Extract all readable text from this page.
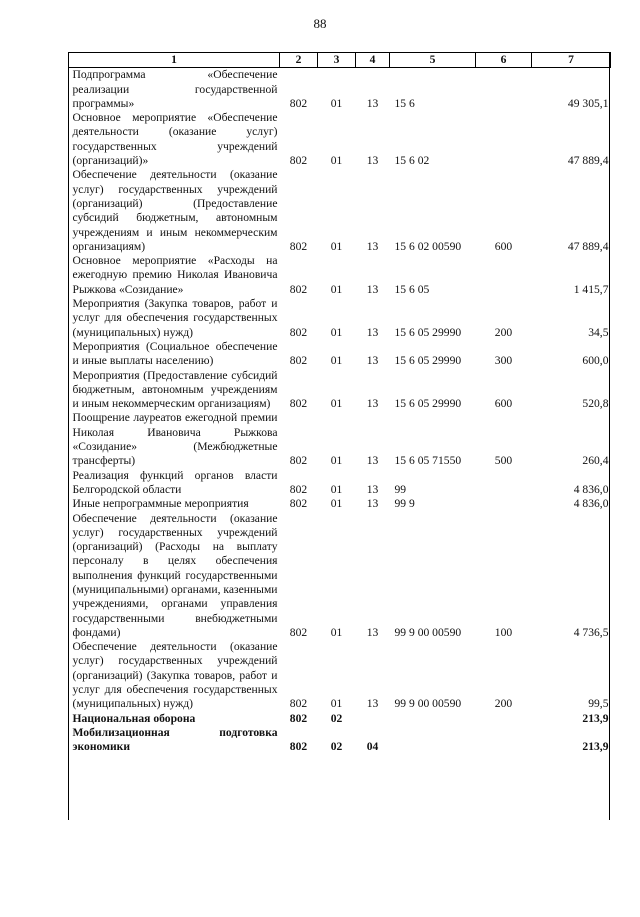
88
1	2	3	4	5	6	7
Подпрограмма «Обеспечение реализации государственной программы»	802	01	13	15 6		49 305,1
Основное мероприятие «Обеспечение деятельности (оказание услуг) государственных учреждений (организаций)»	802	01	13	15 6 02		47 889,4
Обеспечение деятельности (оказание услуг) государственных учреждений (организаций) (Предоставление субсидий бюджетным, автономным учреждениям и иным некоммерческим организациям)	802	01	13	15 6 02 00590	600	47 889,4
Основное мероприятие «Расходы на ежегодную премию Николая Ивановича Рыжкова «Созидание»	802	01	13	15 6 05		1 415,7
Мероприятия (Закупка товаров, работ и услуг для обеспечения государственных (муниципальных) нужд)	802	01	13	15 6 05 29990	200	34,5
Мероприятия (Социальное обеспечение и иные выплаты населению)	802	01	13	15 6 05 29990	300	600,0
Мероприятия (Предоставление субсидий бюджетным, автономным учреждениям и иным некоммерческим организациям)	802	01	13	15 6 05 29990	600	520,8
Поощрение лауреатов ежегодной премии Николая Ивановича Рыжкова «Созидание» (Межбюджетные трансферты)	802	01	13	15 6 05 71550	500	260,4
Реализация функций органов власти Белгородской области	802	01	13	99		4 836,0
Иные непрограммные мероприятия	802	01	13	99 9		4 836,0
Обеспечение деятельности (оказание услуг) государственных учреждений (организаций) (Расходы на выплату персоналу в целях обеспечения выполнения функций государственными (муниципальными) органами, казенными учреждениями, органами управления государственными внебюджетными фондами)	802	01	13	99 9 00 00590	100	4 736,5
Обеспечение деятельности (оказание услуг) государственных учреждений (организаций) (Закупка товаров, работ и услуг для обеспечения государственных (муниципальных) нужд)	802	01	13	99 9 00 00590	200	99,5
Национальная оборона	802	02				213,9
Мобилизационная подготовка экономики	802	02	04			213,9
